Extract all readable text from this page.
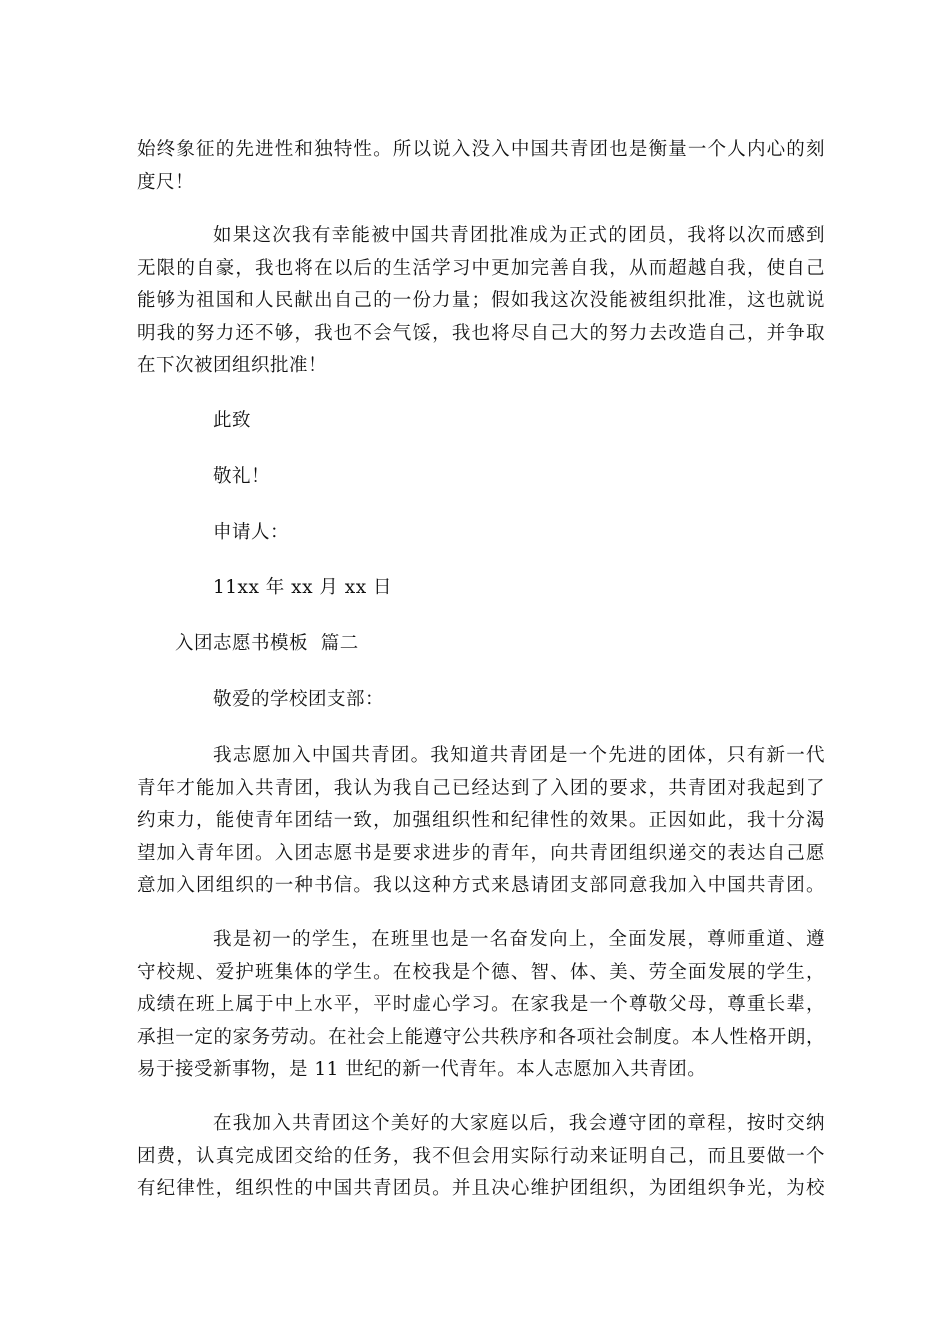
始终象征的先进性和独特性。所以说入没入中国共青团也是衡量一个人内心的刻
度尺！
如果这次我有幸能被中国共青团批准成为正式的团员，我将以次而感到
无限的自豪，我也将在以后的生活学习中更加完善自我，从而超越自我，使自己
能够为祖国和人民献出自己的一份力量；假如我这次没能被组织批准，这也就说
明我的努力还不够，我也不会气馁，我也将尽自己大的努力去改造自己，并争取
在下次被团组织批准！
此致
敬礼！
申请人：
11xx 年 xx 月 xx 日
入团志愿书模板  篇二
敬爱的学校团支部：
我志愿加入中国共青团。我知道共青团是一个先进的团体，只有新一代
青年才能加入共青团，我认为我自己已经达到了入团的要求，共青团对我起到了
约束力，能使青年团结一致，加强组织性和纪律性的效果。正因如此，我十分渴
望加入青年团。入团志愿书是要求进步的青年，向共青团组织递交的表达自己愿
意加入团组织的一种书信。我以这种方式来恳请团支部同意我加入中国共青团。
我是初一的学生，在班里也是一名奋发向上，全面发展，尊师重道、遵
守校规、爱护班集体的学生。在校我是个德、智、体、美、劳全面发展的学生，
成绩在班上属于中上水平，平时虚心学习。在家我是一个尊敬父母，尊重长辈，
承担一定的家务劳动。在社会上能遵守公共秩序和各项社会制度。本人性格开朗，
易于接受新事物，是 11 世纪的新一代青年。本人志愿加入共青团。
在我加入共青团这个美好的大家庭以后，我会遵守团的章程，按时交纳
团费，认真完成团交给的任务，我不但会用实际行动来证明自己，而且要做一个
有纪律性，组织性的中国共青团员。并且决心维护团组织，为团组织争光，为校
